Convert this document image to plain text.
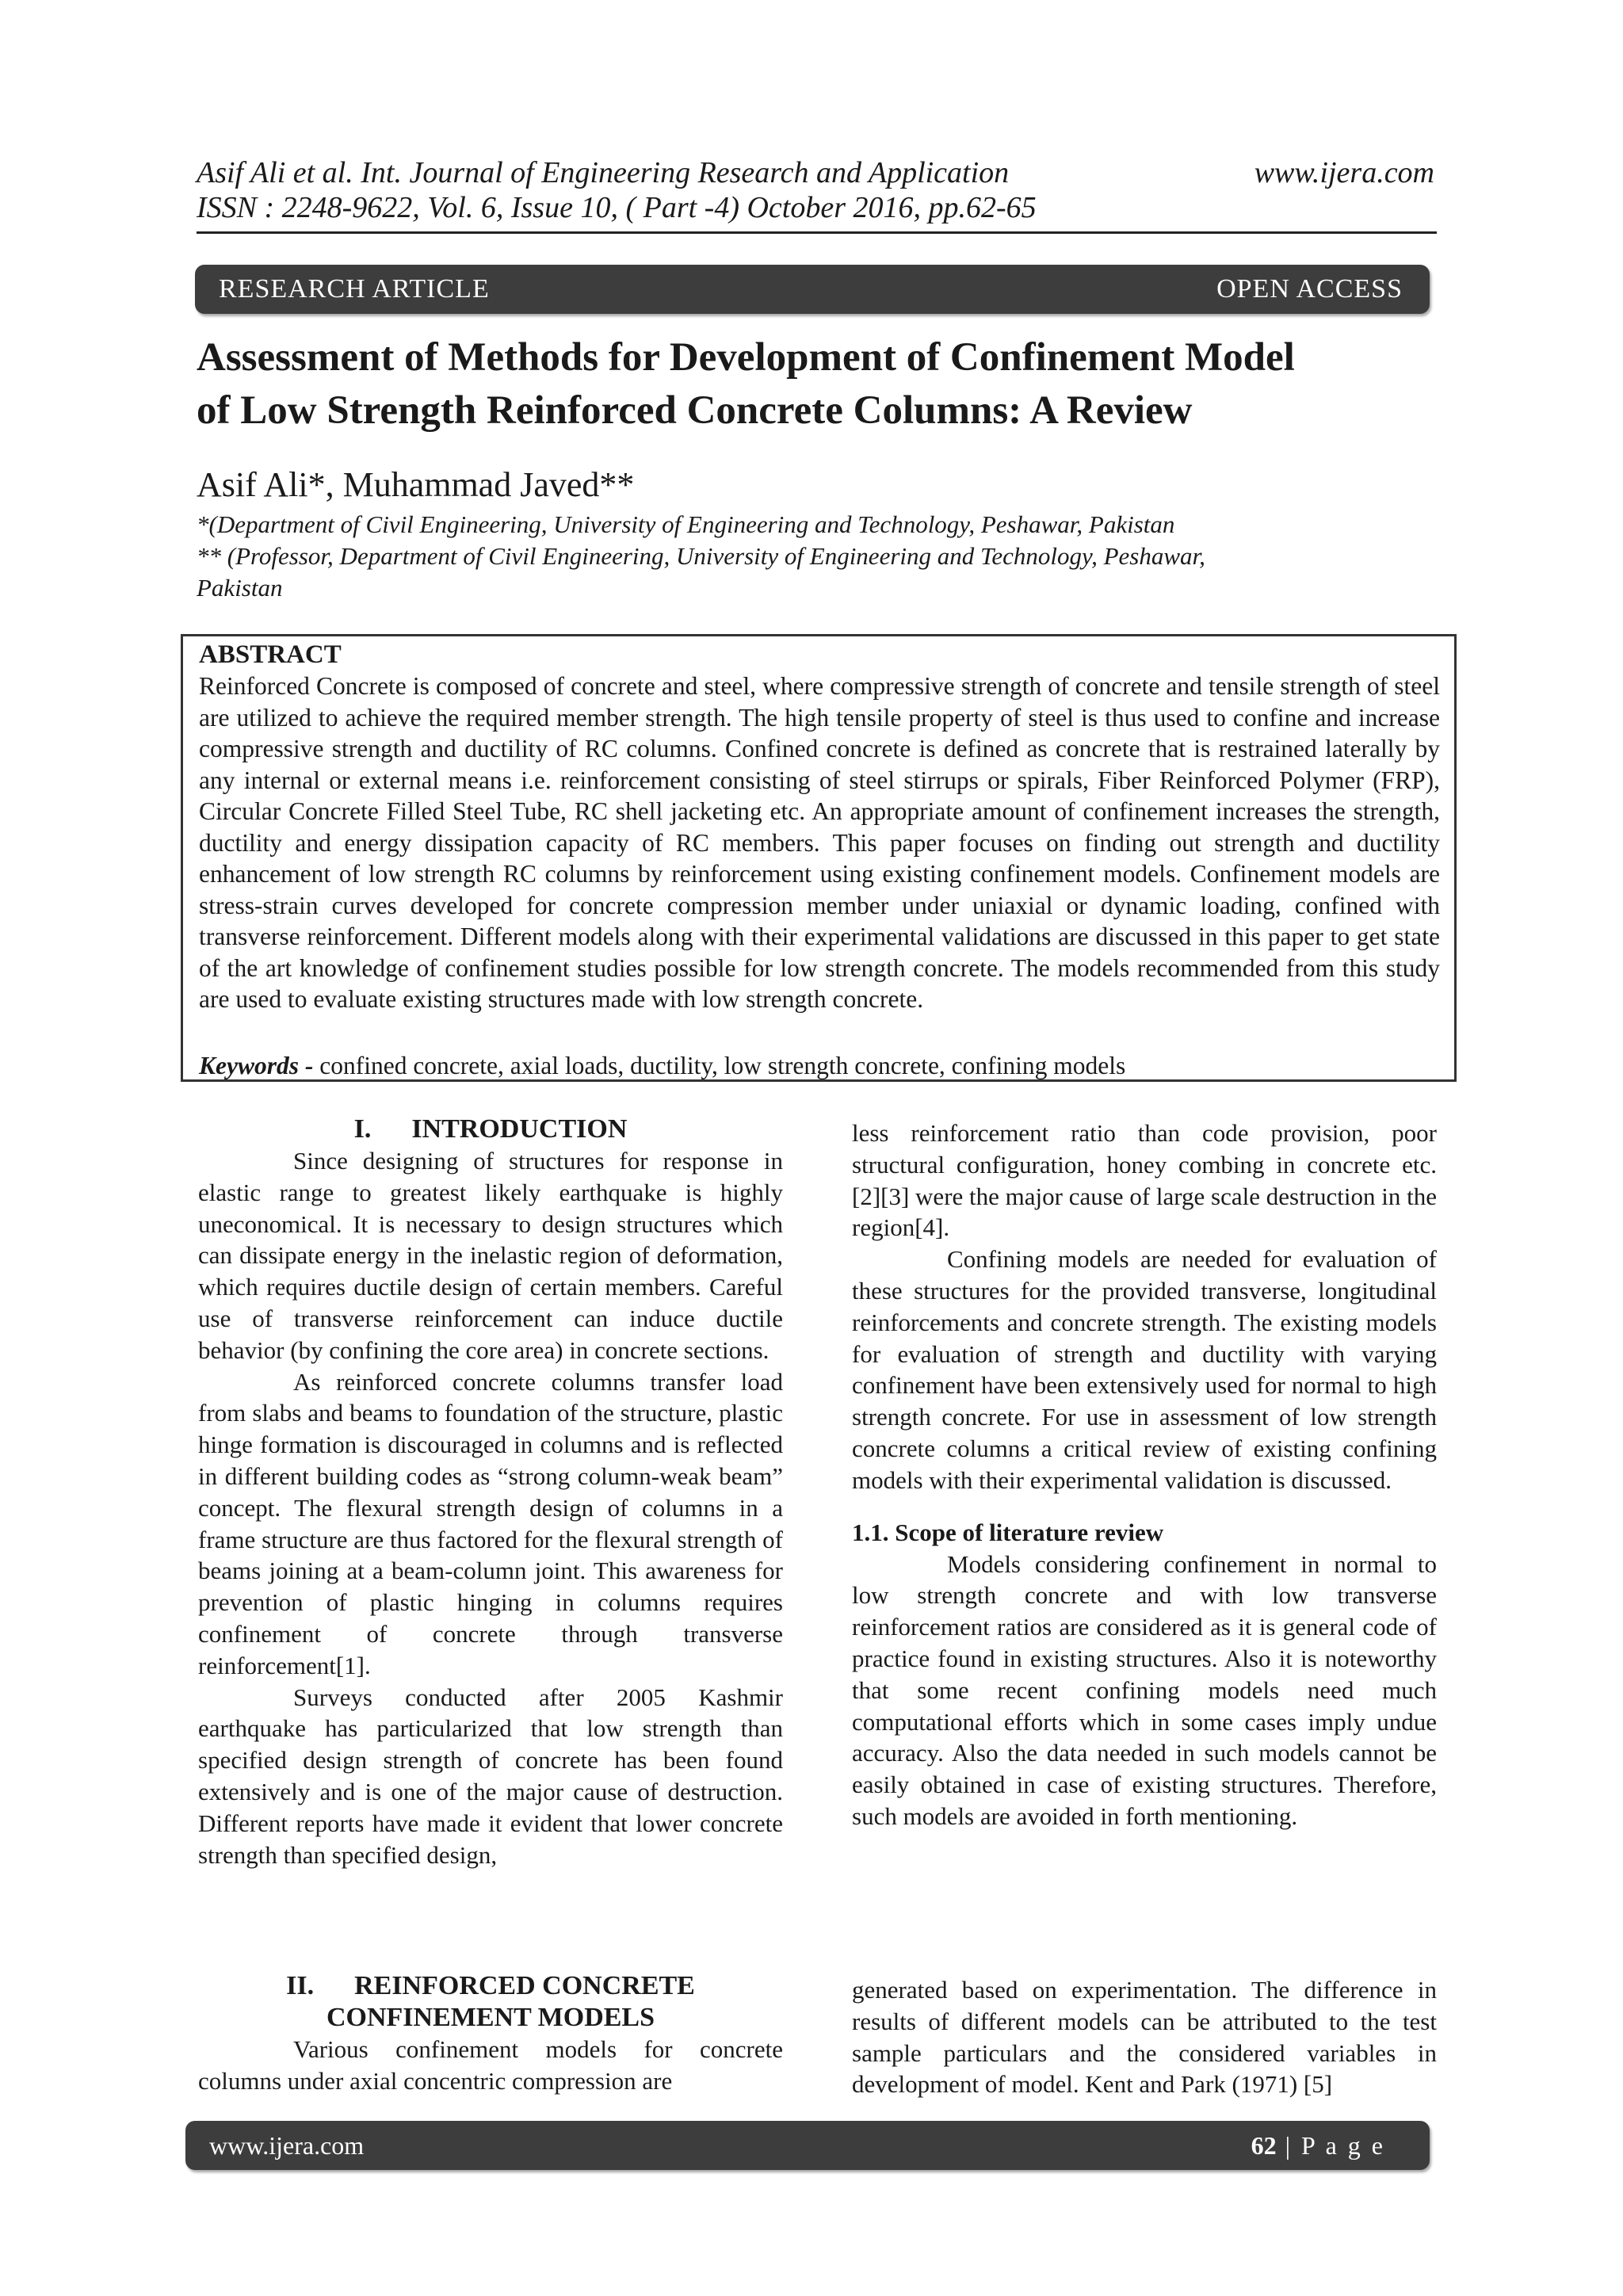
Asif Ali et al. Int. Journal of Engineering Research and Application
ISSN : 2248-9622, Vol. 6, Issue 10, ( Part -4) October 2016, pp.62-65
www.ijera.com
RESEARCH ARTICLE	OPEN ACCESS
Assessment of Methods for Development of Confinement Model
of Low Strength Reinforced Concrete Columns: A Review
Asif Ali*, Muhammad Javed**
*(Department of Civil Engineering, University of Engineering and Technology, Peshawar, Pakistan
** (Professor, Department of Civil Engineering, University of Engineering and Technology, Peshawar,
Pakistan
ABSTRACT
Reinforced Concrete is composed of concrete and steel, where compressive strength of concrete and tensile strength of steel are utilized to achieve the required member strength. The high tensile property of steel is thus used to confine and increase compressive strength and ductility of RC columns. Confined concrete is defined as concrete that is restrained laterally by any internal or external means i.e. reinforcement consisting of steel stirrups or spirals, Fiber Reinforced Polymer (FRP), Circular Concrete Filled Steel Tube, RC shell jacketing etc. An appropriate amount of confinement increases the strength, ductility and energy dissipation capacity of RC members. This paper focuses on finding out strength and ductility enhancement of low strength RC columns by reinforcement using existing confinement models. Confinement models are stress-strain curves developed for concrete compression member under uniaxial or dynamic loading, confined with transverse reinforcement. Different models along with their experimental validations are discussed in this paper to get state of the art knowledge of confinement studies possible for low strength concrete. The models recommended from this study are used to evaluate existing structures made with low strength concrete.
Keywords - confined concrete, axial loads, ductility, low strength concrete, confining models
I.      INTRODUCTION

Since designing of structures for response in elastic range to greatest likely earthquake is highly uneconomical. It is necessary to design structures which can dissipate energy in the inelastic region of deformation, which requires ductile design of certain members. Careful use of transverse reinforcement can induce ductile behavior (by confining the core area) in concrete sections.

As reinforced concrete columns transfer load from slabs and beams to foundation of the structure, plastic hinge formation is discouraged in columns and is reflected in different building codes as “strong column-weak beam” concept. The flexural strength design of columns in a frame structure are thus factored for the flexural strength of beams joining at a beam-column joint. This awareness for prevention of plastic hinging in columns requires confinement of concrete through transverse reinforcement[1].

Surveys conducted after 2005 Kashmir earthquake has particularized that low strength than specified design strength of concrete has been found extensively and is one of the major cause of destruction. Different reports have made it evident that lower concrete strength than specified design,

II.      REINFORCED CONCRETE
CONFINEMENT MODELS

Various confinement models for concrete columns under axial concentric compression are

less reinforcement ratio than code provision, poor structural configuration, honey combing in concrete etc. [2][3] were the major cause of large scale destruction in the region[4].

Confining models are needed for evaluation of these structures for the provided transverse, longitudinal reinforcements and concrete strength. The existing models for evaluation of strength and ductility with varying confinement have been extensively used for normal to high strength concrete. For use in assessment of low strength concrete columns a critical review of existing confining models with their experimental validation is discussed.

1.1. Scope of literature review

Models considering confinement in normal to low strength concrete and with low transverse reinforcement ratios are considered as it is general code of practice found in existing structures. Also it is noteworthy that some recent confining models need much computational efforts which in some cases imply undue accuracy. Also the data needed in such models cannot be easily obtained in case of existing structures. Therefore, such models are avoided in forth mentioning.

generated based on experimentation. The difference in results of different models can be attributed to the test sample particulars and the considered variables in development of model. Kent and Park (1971) [5]

www.ijera.com	62 | P a g e
